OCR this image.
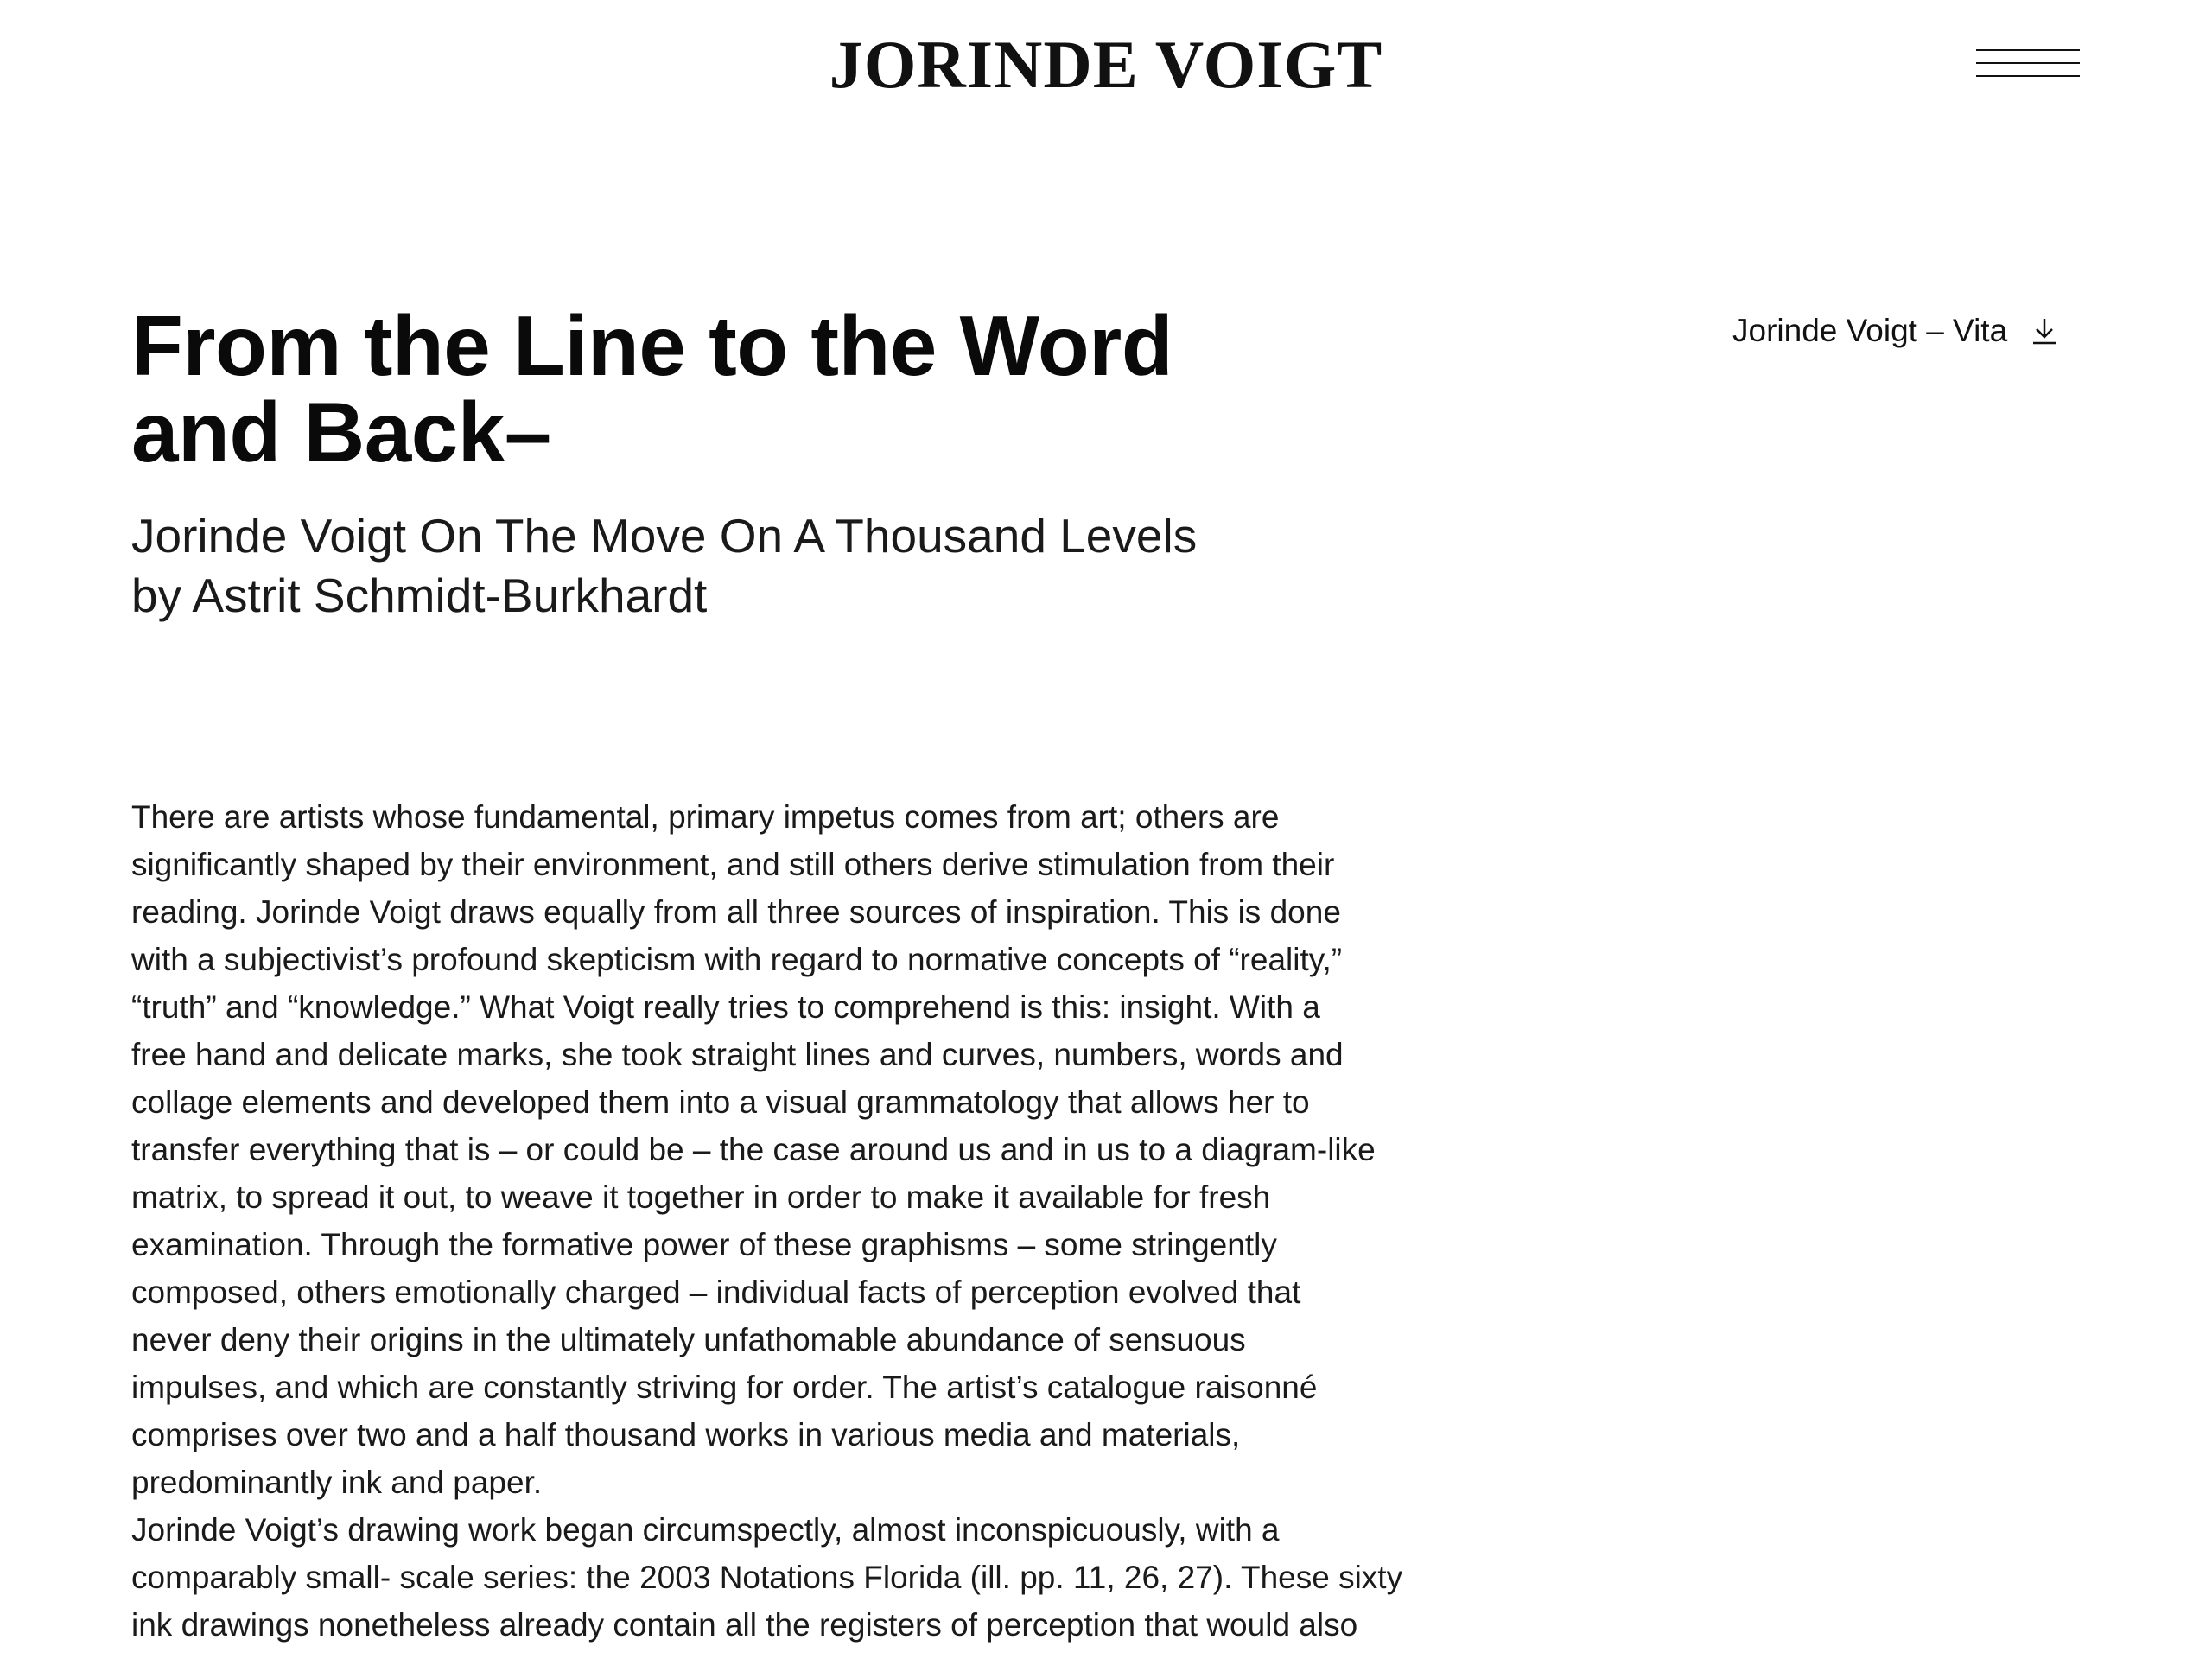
JORINDE VOIGT
Jorinde Voigt – Vita
From the Line to the Word
and Back–
Jorinde Voigt On The Move On A Thousand Levels
by Astrit Schmidt-Burkhardt
There are artists whose fundamental, primary impetus comes from art; others are
significantly shaped by their environment, and still others derive stimulation from their
reading. Jorinde Voigt draws equally from all three sources of inspiration. This is done
with a subjectivist’s profound skepticism with regard to normative concepts of “reality,”
“truth” and “knowledge.” What Voigt really tries to comprehend is this: insight. With a
free hand and delicate marks, she took straight lines and curves, numbers, words and
collage elements and developed them into a visual grammatology that allows her to
transfer everything that is – or could be – the case around us and in us to a diagram-like
matrix, to spread it out, to weave it together in order to make it available for fresh
examination. Through the formative power of these graphisms – some stringently
composed, others emotionally charged – individual facts of perception evolved that
never deny their origins in the ultimately unfathomable abundance of sensuous
impulses, and which are constantly striving for order. The artist’s catalogue raisonné
comprises over two and a half thousand works in various media and materials,
predominantly ink and paper.
Jorinde Voigt’s drawing work began circumspectly, almost inconspicuously, with a
comparably small- scale series: the 2003 Notations Florida (ill. pp. 11, 26, 27). These sixty
ink drawings nonetheless already contain all the registers of perception that would also
